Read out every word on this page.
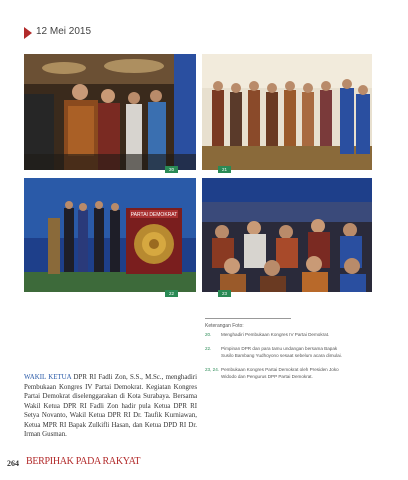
12 Mei 2015
20	21
PARTAI DEMOKRAT
22	23
Keterangan Foto:
20.	Menghadiri Pembukaan Kongres IV Partai Demokrat.
22.	Pimpinan DPR dan para tamu undangan bersama Bapak Susilo Bambang Yudhoyono sesaat sebelum acara dimulai.
23, 24. Pembukaan Kongres Partai Demokrat oleh Presiden Joko Widodo dan Pengurus DPP Partai Demokrat.
WAKIL KETUA DPR RI Fadli Zon, S.S., M.Sc., menghadiri Pembukaan Kongres IV Partai Demokrat. Kegiatan Kongres Partai Demokrat diselenggarakan di Kota Surabaya. Bersama Wakil Ketua DPR RI Fadli Zon hadir pula Ketua DPR RI Setya Novanto, Wakil Ketua DPR RI Dr. Taufik Kurniawan, Ketua MPR RI Bapak Zulkifli Hasan, dan Ketua DPD RI Dr. Irman Gusman.
264 BERPIHAK PADA RAKYAT
